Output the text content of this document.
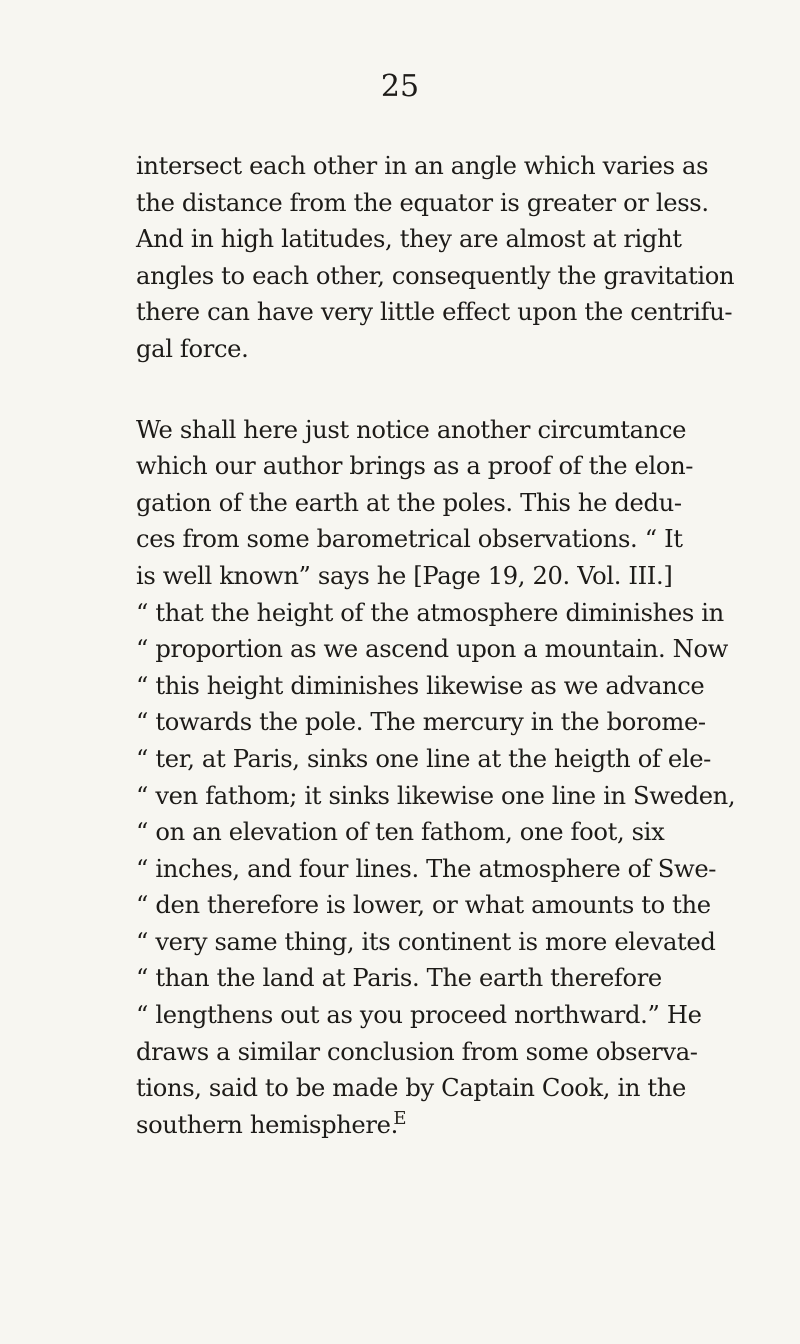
25

intersect each other in an angle which varies as
the distance from the equator is greater or less.
And in high latitudes, they are almost at right
angles to each other, consequently the gravitation
there can have very little effect upon the centrifu-
gal force.

We shall here just notice another circumtance
which our author brings as a proof of the elon-
gation of the earth at the poles. This he dedu-
ces from some barometrical observations. “ It
is well known” says he [Page 19, 20. Vol. III.]
“ that the height of the atmosphere diminishes in
“ proportion as we ascend upon a mountain. Now
“ this height diminishes likewise as we advance
“ towards the pole. The mercury in the borome-
“ ter, at Paris, sinks one line at the heigth of ele-
“ ven fathom; it sinks likewise one line in Sweden,
“ on an elevation of ten fathom, one foot, six
“ inches, and four lines. The atmosphere of Swe-
“ den therefore is lower, or what amounts to the
“ very same thing, its continent is more elevated
“ than the land at Paris. The earth therefore
“ lengthens out as you proceed northward.” He
draws a similar conclusion from some observa-
tions, said to be made by Captain Cook, in the
southern hemisphere.

E
